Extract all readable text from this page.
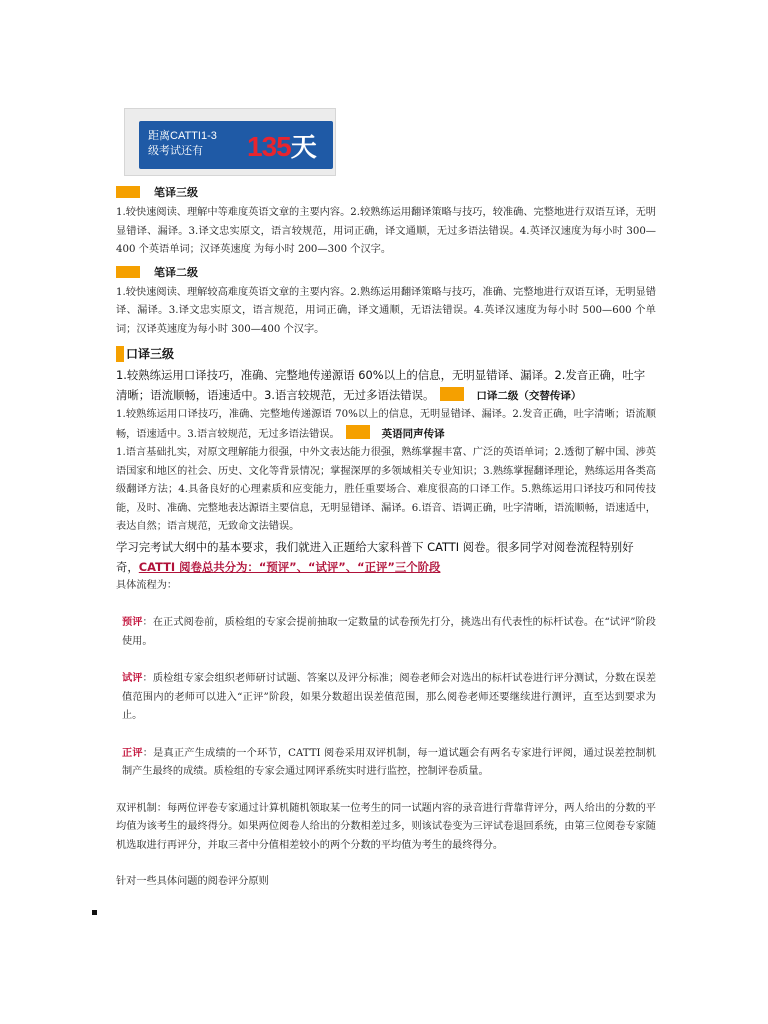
距离CATTI1-3
级考试还有	135天
笔译三级

1.较快速阅读、理解中等难度英语文章的主要内容。2.较熟练运用翻译策略与技巧，较准确、完整地进行双语互译，无明显错译、漏译。3.译文忠实原文，语言较规范，用词正确，译文通顺，无过多语法错误。4.英译汉速度为每小时 300—400 个英语单词；汉译英速度 为每小时 200—300 个汉字。

笔译二级

1.较快速阅读、理解较高难度英语文章的主要内容。2.熟练运用翻译策略与技巧，准确、完整地进行双语互译，无明显错译、漏译。3.译文忠实原文，语言规范，用词正确，译文通顺，无语法错误。4.英译汉速度为每小时 500—600 个单词；汉译英速度为每小时 300—400 个汉字。

口译三级

1.较熟练运用口译技巧，准确、完整地传递源语 60%以上的信息，无明显错译、漏译。2.发音正确，吐字清晰；语流顺畅，语速适中。3.语言较规范，无过多语法错误。	口译二级（交替传译）

1.较熟练运用口译技巧，准确、完整地传递源语 70%以上的信息，无明显错译、漏译。2.发音正确，吐字清晰；语流顺畅，语速适中。3.语言较规范，无过多语法错误。	英语同声传译

1.语言基础扎实，对原文理解能力很强，中外文表达能力很强，熟练掌握丰富、广泛的英语单词；2.透彻了解中国、涉英语国家和地区的社会、历史、文化等背景情况；掌握深厚的多领域相关专业知识；3.熟练掌握翻译理论，熟练运用各类高级翻译方法；4.具备良好的心理素质和应变能力，胜任重要场合、难度很高的口译工作。5.熟练运用口译技巧和同传技能，及时、准确、完整地表达源语主要信息，无明显错译、漏译。6.语音、语调正确，吐字清晰，语流顺畅，语速适中，表达自然；语言规范，无致命文法错误。

学习完考试大纲中的基本要求，我们就进入正题给大家科普下 CATTI 阅卷。很多同学对阅卷流程特别好奇，CATTI 阅卷总共分为：“预评”、“试评”、“正评”三个阶段

具体流程为：

预评：在正式阅卷前，质检组的专家会提前抽取一定数量的试卷预先打分，挑选出有代表性的标杆试卷。在“试评”阶段使用。

试评：质检组专家会组织老师研讨试题、答案以及评分标准；阅卷老师会对选出的标杆试卷进行评分测试，分数在误差值范围内的老师可以进入“正评”阶段，如果分数超出误差值范围，那么阅卷老师还要继续进行测评，直至达到要求为止。

正评：是真正产生成绩的一个环节，CATTI 阅卷采用双评机制，每一道试题会有两名专家进行评阅，通过误差控制机制产生最终的成绩。质检组的专家会通过网评系统实时进行监控，控制评卷质量。

双评机制：每两位评卷专家通过计算机随机领取某一位考生的同一试题内容的录音进行背靠背评分，两人给出的分数的平均值为该考生的最终得分。如果两位阅卷人给出的分数相差过多，则该试卷变为三评试卷退回系统，由第三位阅卷专家随机选取进行再评分，并取三者中分值相差较小的两个分数的平均值为考生的最终得分。

针对一些具体问题的阅卷评分原则
